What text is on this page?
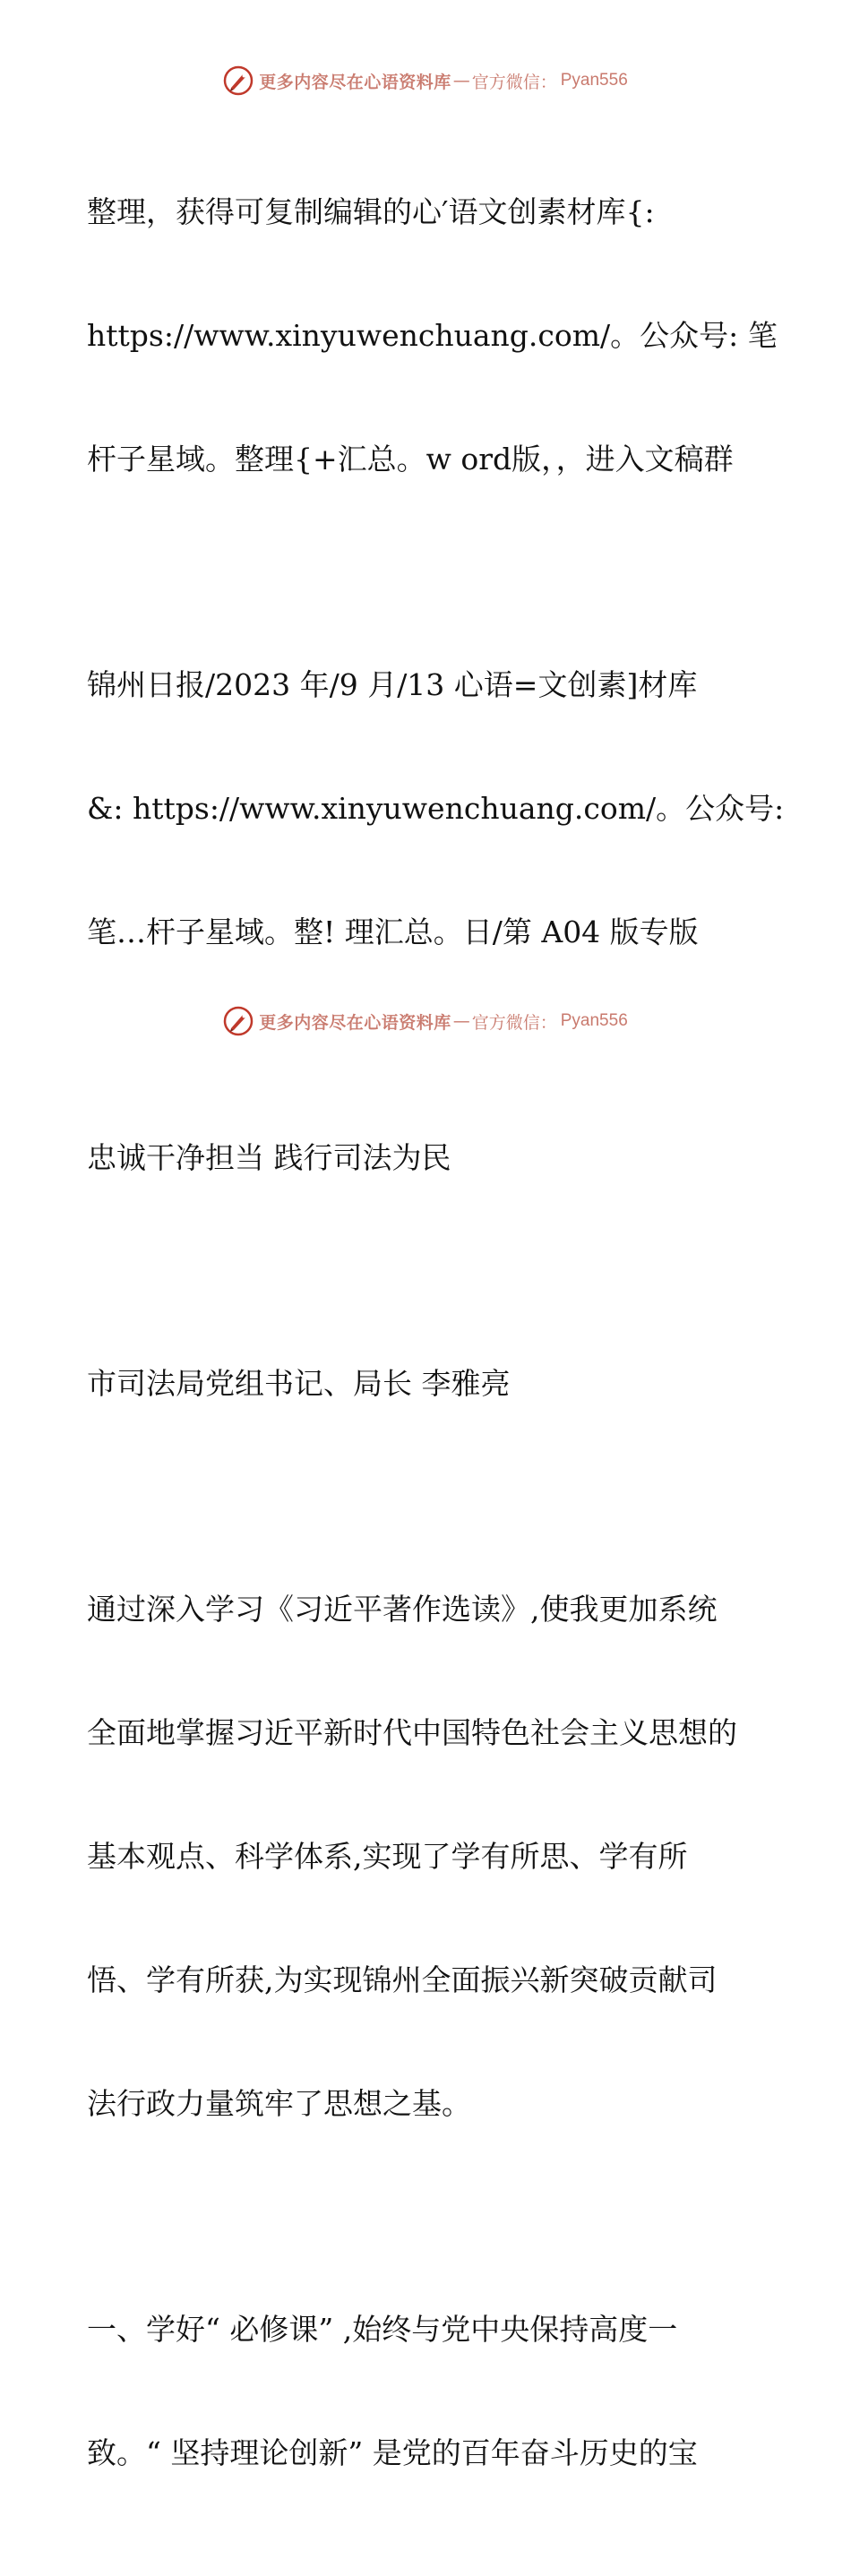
更多内容尽在心语资料库 — 官方微信： Pyan556

整理，获得可复制编辑的心′语文创素材库{:

https://www.xinyuwenchuang.com/。公众号: 笔

杆子星域。整理{+汇总。w ord版，，进入文稿群

锦州日报/2023 年/9 月/13 心语=文创素]材库

&: https://www.xinyuwenchuang.com/。公众号:

笔…杆子星域。整! 理汇总。日/第 A04 版专版

忠诚干净担当 践行司法为民

市司法局党组书记、局长 李雅亮

通过深入学习《习近平著作选读》,使我更加系统

全面地掌握习近平新时代中国特色社会主义思想的

基本观点、科学体系,实现了学有所思、学有所

悟、学有所获,为实现锦州全面振兴新突破贡献司

法行政力量筑牢了思想之基。

一、学好“ 必修课” ,始终与党中央保持高度一

致。“ 坚持理论创新” 是党的百年奋斗历史的宝

更多内容尽在心语资料库 — 官方微信： Pyan556
